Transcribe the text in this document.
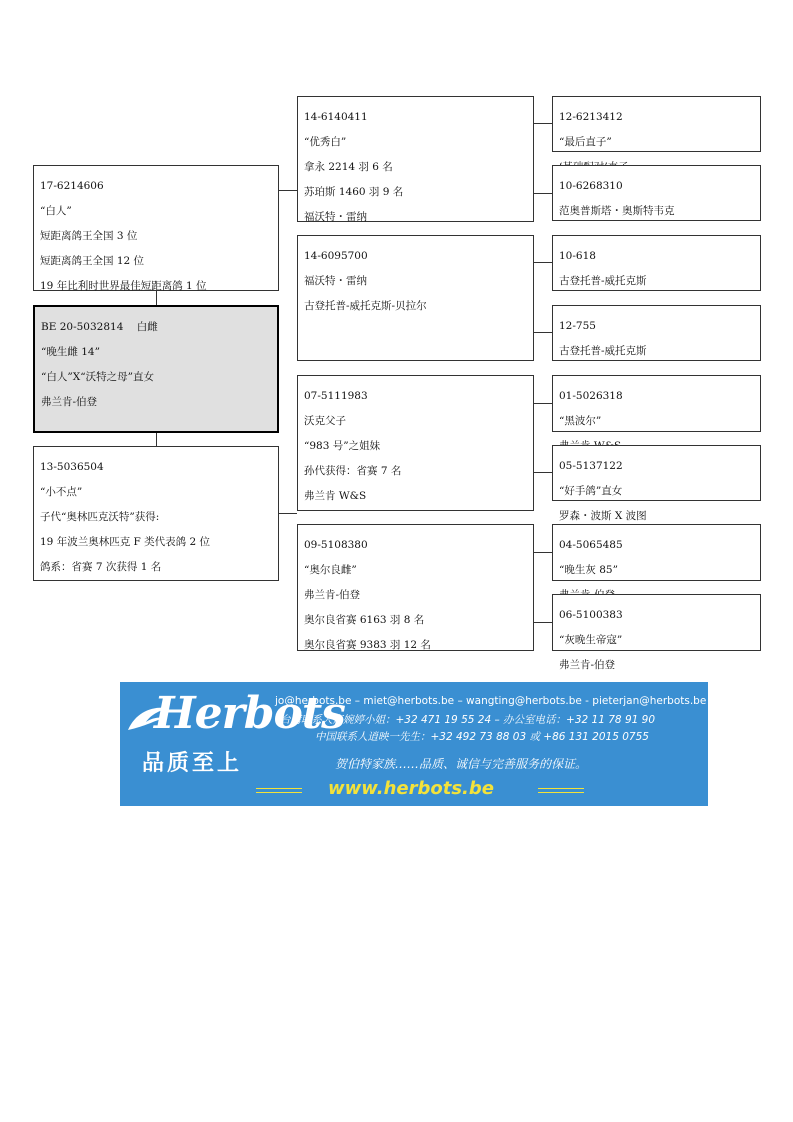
17-6214606

“白人”

短距离鸽王全国 3 位

短距离鸽王全国 12 位

19 年比利时世界最佳短距离鸽 1 位

BE 20-5032814 白雌

“晚生雌 14”

“白人”X“沃特之母”直女

弗兰肯-伯登

13-5036504

“小不点”

子代“奥林匹克沃特”获得:

19 年波兰奥林匹克 F 类代表鸽 2 位

鸽系：省赛 7 次获得 1 名

14-6140411

“优秀白”

拿永 2214 羽 6 名

苏珀斯 1460 羽 9 名

福沃特・雷纳

14-6095700

福沃特・雷纳

古登托普-威托克斯-贝拉尔

07-5111983

沃克父子

“983 号”之姐妹

孙代获得：省赛 7 名

弗兰肯 W&S

09-5108380

“奥尔良雌”

弗兰肯-伯登

奥尔良省赛 6163 羽 8 名

奥尔良省赛 9383 羽 12 名

12-6213412

“最后直子”

10-6268310

范奥普斯塔・奥斯特韦克

10-618

古登托普-威托克斯

12-755

古登托普-威托克斯

01-5026318

“黑波尔”

05-5137122

“好手鸽”直女

罗森・波斯 X 波图

04-5065485

“晚生灰 85”

06-5100383

“灰晚生帝寇”

弗兰肯-伯登

Herbots
品质至上
jo@herbots.be – miet@herbots.be – wangting@herbots.be - pieterjan@herbots.be
台湾联系人卢婉婷小姐：+32 471 19 55 24 – 办公室电话：+32 11 78 91 90
中国联系人逍映一先生：+32 492 73 88 03 或 +86 131 2015 0755
贺伯特家族……品质、诚信与完善服务的保证。
www.herbots.be
